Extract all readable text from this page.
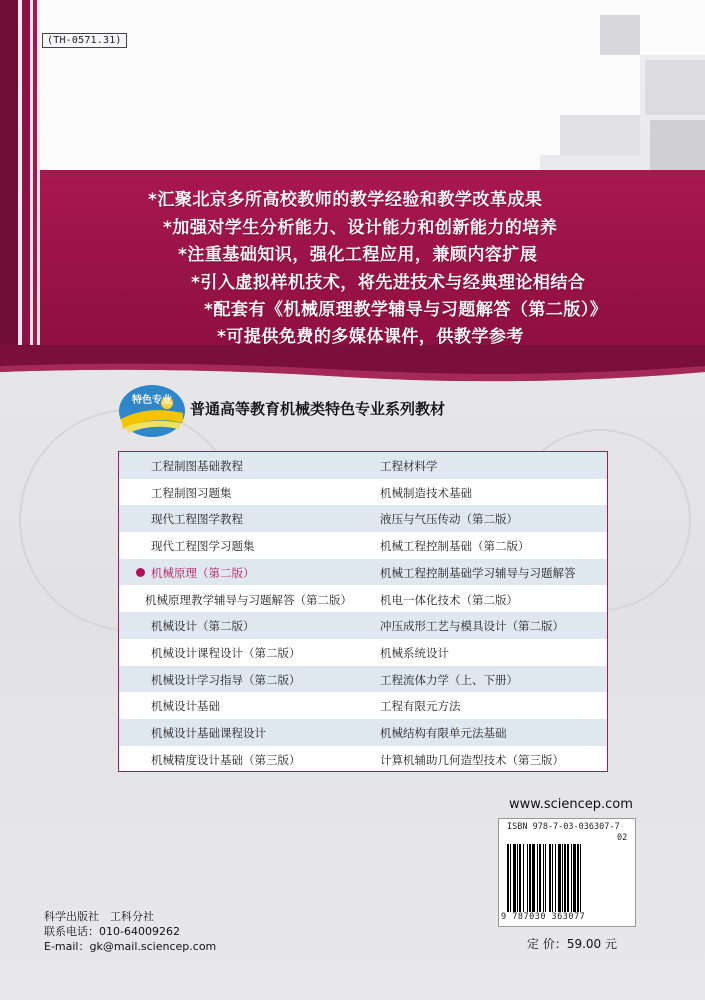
(TH-0571.31)
*汇聚北京多所高校教师的教学经验和教学改革成果
*加强对学生分析能力、设计能力和创新能力的培养
*注重基础知识，强化工程应用，兼顾内容扩展
*引入虚拟样机技术，将先进技术与经典理论相结合
*配套有《机械原理教学辅导与习题解答（第二版）》
*可提供免费的多媒体课件，供教学参考
特色专业 普通高等教育机械类特色专业系列教材
工程制图基础教程	工程材料学
工程制图习题集	机械制造技术基础
现代工程图学教程	液压与气压传动（第二版）
现代工程图学习题集	机械工程控制基础（第二版）
机械原理（第二版）	机械工程控制基础学习辅导与习题解答
机械原理教学辅导与习题解答（第二版） 机电一体化技术（第二版）
机械设计（第二版）	冲压成形工艺与模具设计（第二版）
机械设计课程设计（第二版）	机械系统设计
机械设计学习指导（第二版）	工程流体力学（上、下册）
机械设计基础	工程有限元方法
机械设计基础课程设计	机械结构有限单元法基础
机械精度设计基础（第三版）	计算机辅助几何造型技术（第三版）
www.sciencep.com
ISBN 978-7-03-036307-7
02
9 787030 363077
科学出版社　工科分社
联系电话：010-64009262
E-mail：gk@mail.sciencep.com	定 价：59.00 元
